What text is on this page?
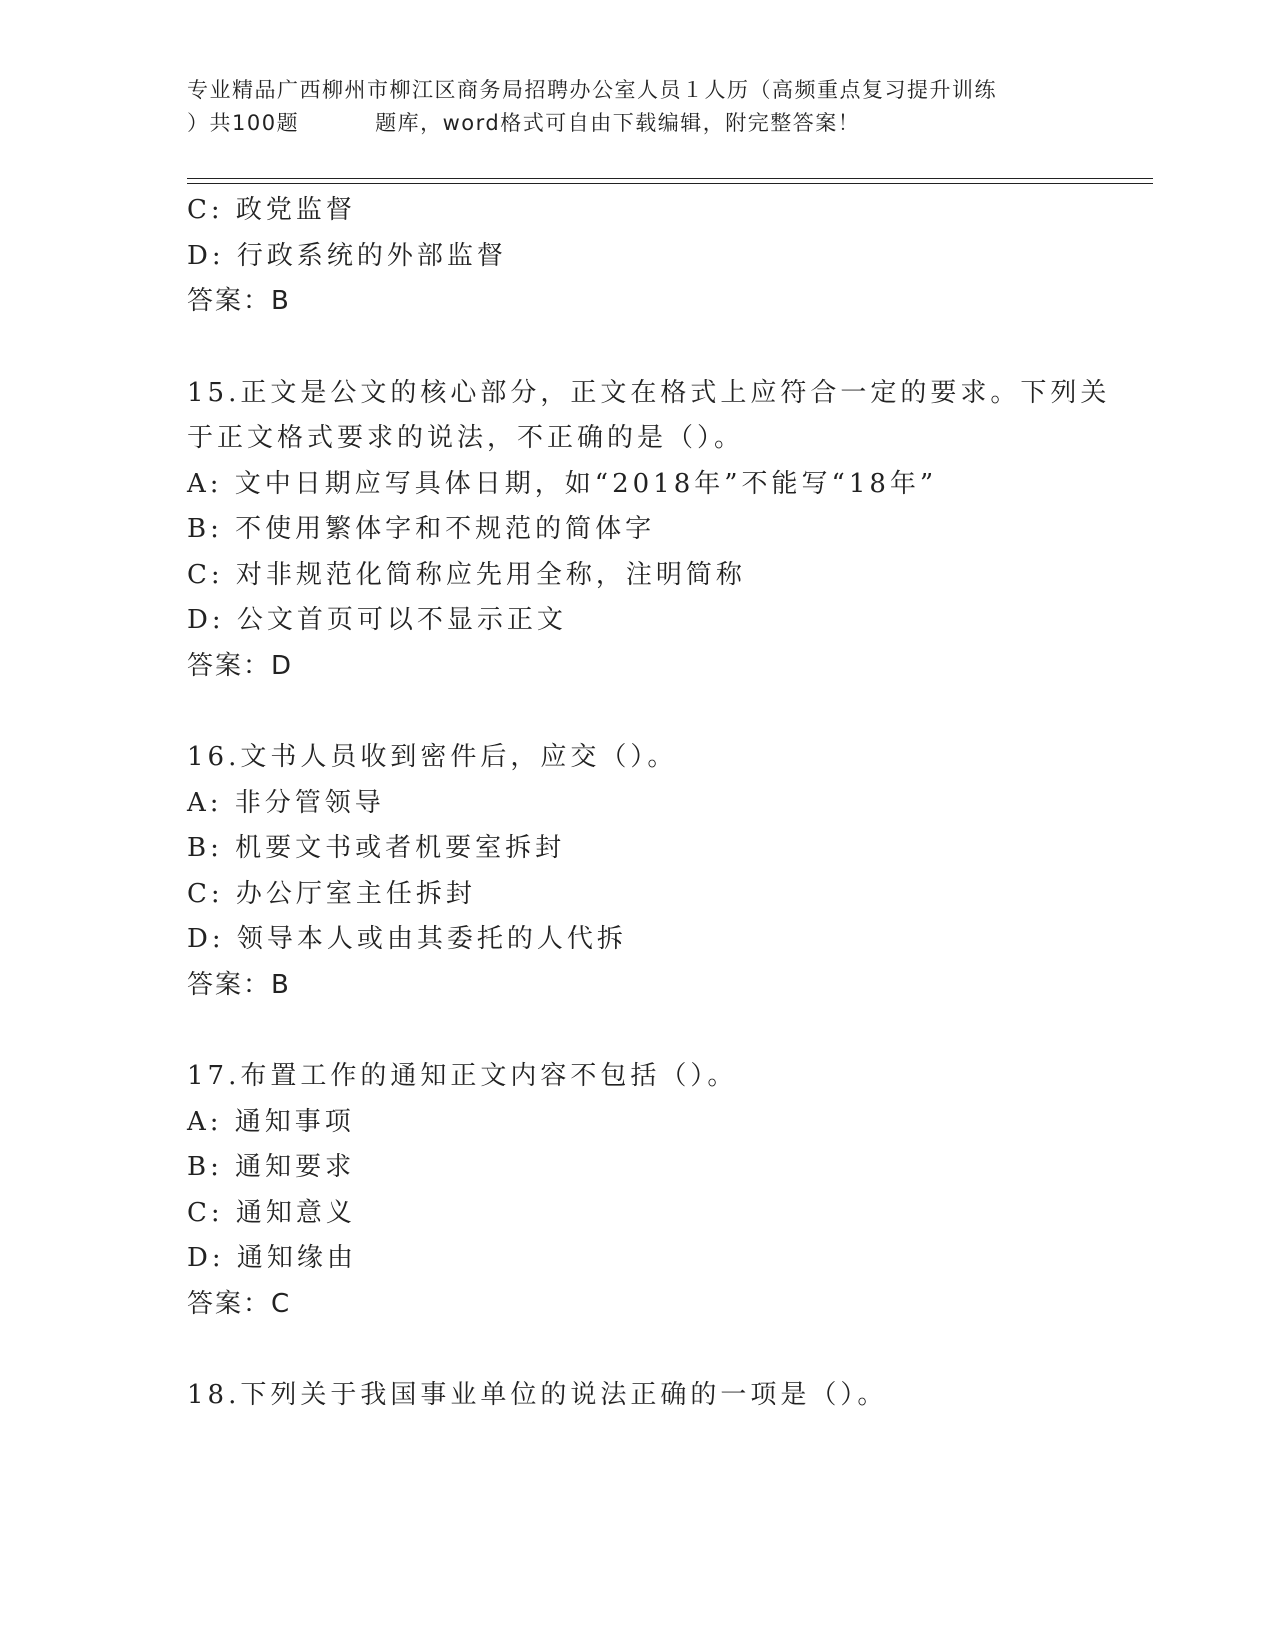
专业精品广西柳州市柳江区商务局招聘办公室人员１人历（高频重点复习提升训练
）共100题	题库，word格式可自由下载编辑，附完整答案！
C: 政党监督
D: 行政系统的外部监督
答案：B
15.正文是公文的核心部分，正文在格式上应符合一定的要求。下列关
于正文格式要求的说法，不正确的是（）。
A: 文中日期应写具体日期，如“2018年”不能写“18年”
B: 不使用繁体字和不规范的简体字
C: 对非规范化简称应先用全称，注明简称
D: 公文首页可以不显示正文
答案：D
16.文书人员收到密件后，应交（）。
A: 非分管领导
B: 机要文书或者机要室拆封
C: 办公厅室主任拆封
D: 领导本人或由其委托的人代拆
答案：B
17.布置工作的通知正文内容不包括（）。
A: 通知事项
B: 通知要求
C: 通知意义
D: 通知缘由
答案：C
18.下列关于我国事业单位的说法正确的一项是（）。
